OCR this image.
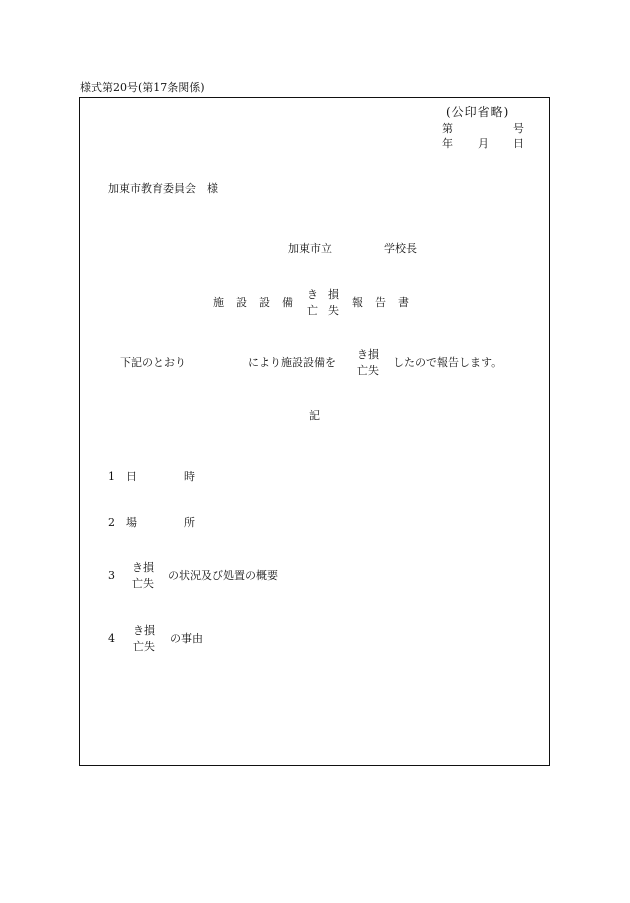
様式第20号(第17条関係)
(公印省略)
第	号
年 月 日
加東市教育委員会　様
加東市立	学校長
施 設 設 備
き 損
亡 失
報 告 書
下記のとおり	により施設設備を
き損
亡失
したので報告します。
記
1 日	時
2 場	所
3
き損
亡失
の状況及び処置の概要
4
き損
亡失
の事由
